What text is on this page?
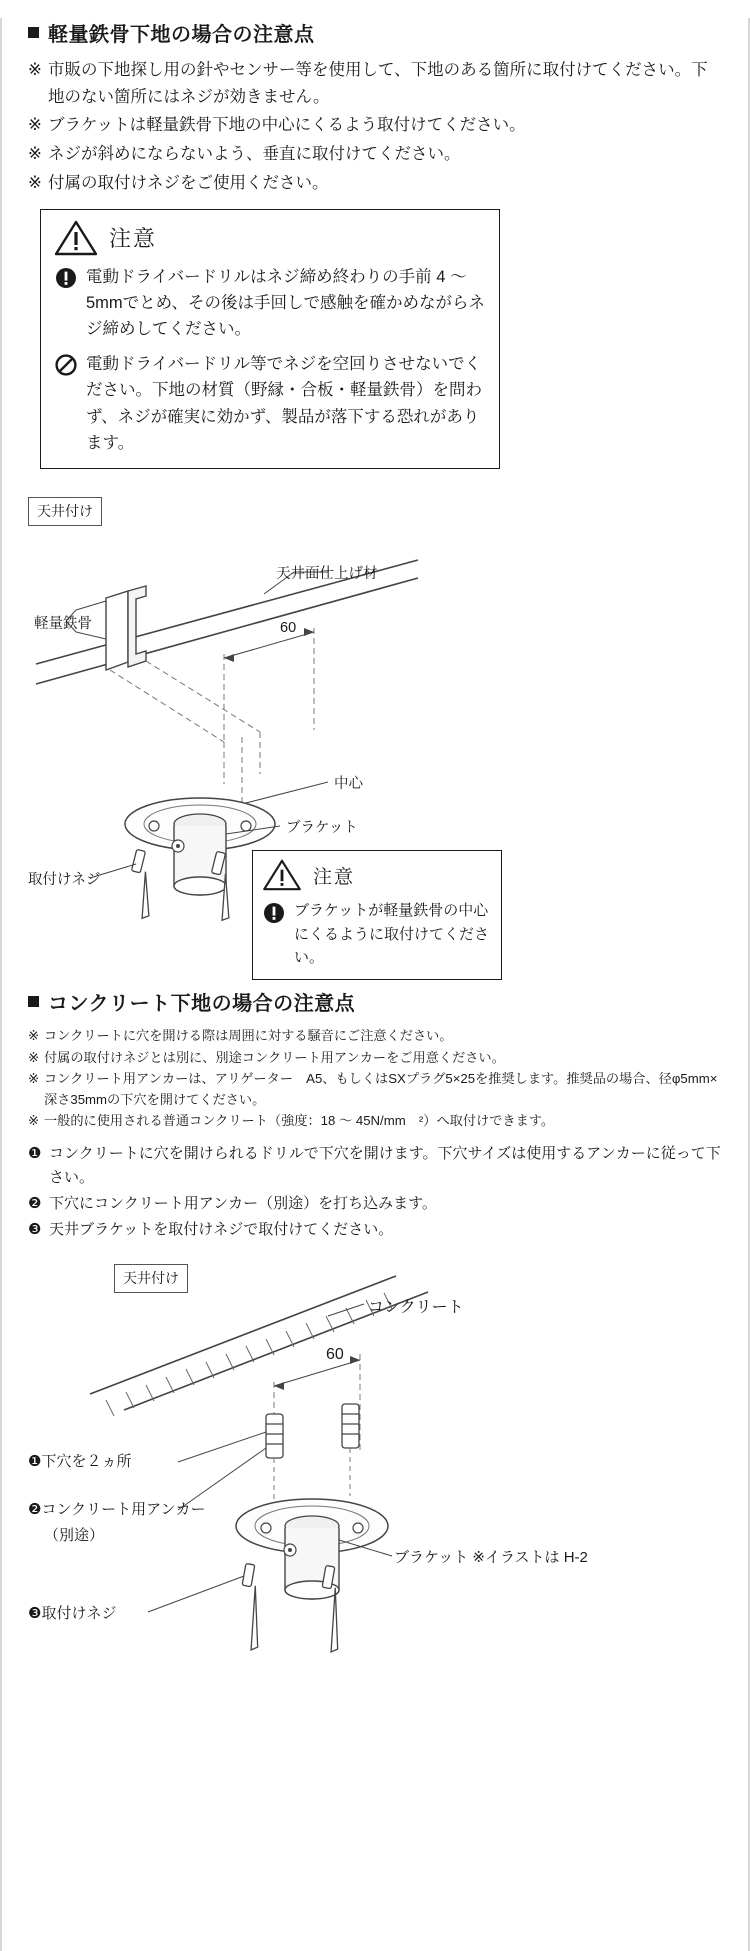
軽量鉄骨下地の場合の注意点
※ 市販の下地探し用の針やセンサー等を使用して、下地のある箇所に取付けてください。下地のない箇所にはネジが効きません。
※ ブラケットは軽量鉄骨下地の中心にくるよう取付けてください。
※ ネジが斜めにならないよう、垂直に取付けてください。
※ 付属の取付けネジをご使用ください。
注意
電動ドライバードリルはネジ締め終わりの手前 4 〜 5mmでとめ、その後は手回しで感触を確かめながらネジ締めしてください。
電動ドライバードリル等でネジを空回りさせないでください。下地の材質（野縁・合板・軽量鉄骨）を問わず、ネジが確実に効かず、製品が落下する恐れがあります。
天井付け
天井面仕上げ材
軽量鉄骨	60
中心
ブラケット
取付けネジ	注意
ブラケットが軽量鉄骨の中心にくるように取付けてください。
コンクリート下地の場合の注意点
※ コンクリートに穴を開ける際は周囲に対する騒音にご注意ください。
※ 付属の取付けネジとは別に、別途コンクリート用アンカーをご用意ください。
※ コンクリート用アンカーは、アリゲーター　A5、もしくはSXプラグ5×25を推奨します。推奨品の場合、径φ5mm×深さ35mmの下穴を開けてください。
※ 一般的に使用される普通コンクリート（強度：18 〜 45N/mm　²）へ取付けできます。
❶ コンクリートに穴を開けられるドリルで下穴を開けます。下穴サイズは使用するアンカーに従って下さい。
❷ 下穴にコンクリート用アンカー（別途）を打ち込みます。
❸ 天井ブラケットを取付けネジで取付けてください。
天井付け
コンクリート
60
❶下穴を２ヵ所
❷コンクリート用アンカー
（別途）
❸取付けネジ
ブラケット ※イラストは H-2
